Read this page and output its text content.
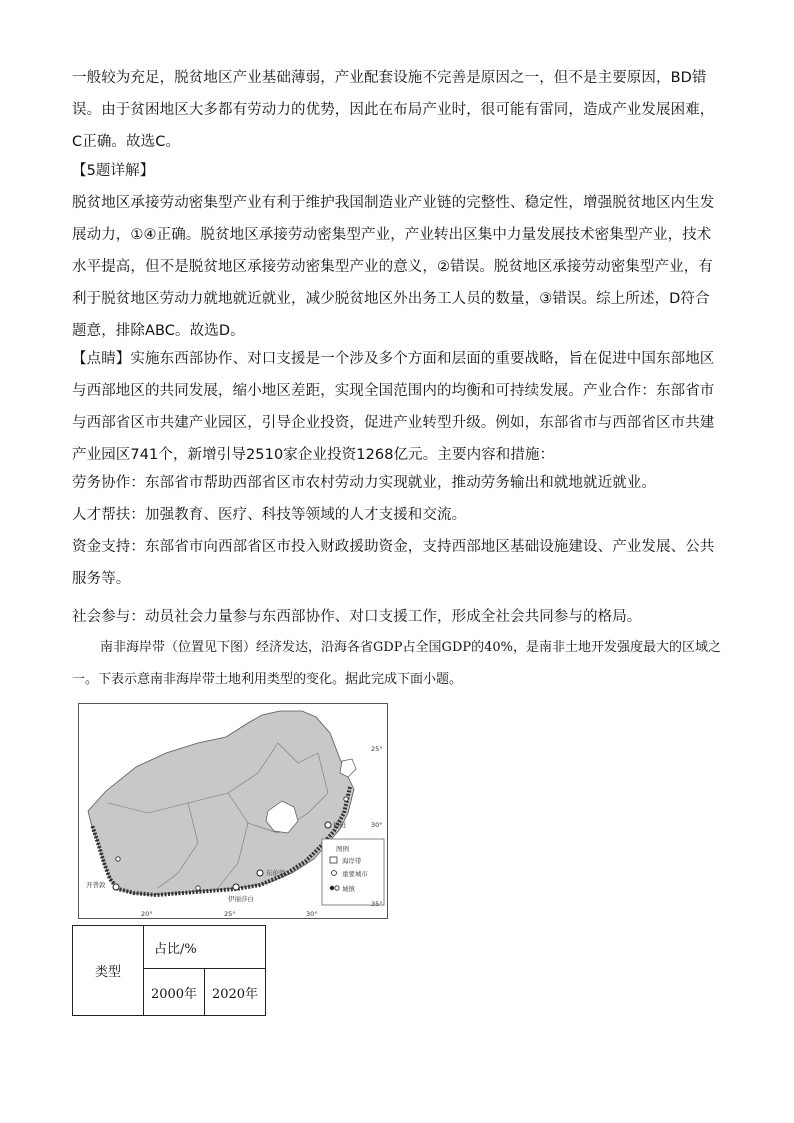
一般较为充足，脱贫地区产业基础薄弱，产业配套设施不完善是原因之一，但不是主要原因，BD错误。由于贫困地区大多都有劳动力的优势，因此在布局产业时，很可能有雷同，造成产业发展困难，C正确。故选C。

【5题详解】

脱贫地区承接劳动密集型产业有利于维护我国制造业产业链的完整性、稳定性，增强脱贫地区内生发展动力，①④正确。脱贫地区承接劳动密集型产业，产业转出区集中力量发展技术密集型产业，技术水平提高，但不是脱贫地区承接劳动密集型产业的意义，②错误。脱贫地区承接劳动密集型产业，有利于脱贫地区劳动力就地就近就业，减少脱贫地区外出务工人员的数量，③错误。综上所述，D符合题意，排除ABC。故选D。

【点睛】实施东西部协作、对口支援是一个涉及多个方面和层面的重要战略，旨在促进中国东部地区与西部地区的共同发展，缩小地区差距，实现全国范围内的均衡和可持续发展。产业合作：东部省市与西部省区市共建产业园区，引导企业投资，促进产业转型升级。例如，东部省市与西部省区市共建产业园区741个，新增引导2510家企业投资1268亿元。主要内容和措施：

劳务协作：东部省市帮助西部省区市农村劳动力实现就业，推动劳务输出和就地就近就业。

人才帮扶：加强教育、医疗、科技等领域的人才支援和交流。

资金支持：东部省市向西部省区市投入财政援助资金，支持西部地区基础设施建设、产业发展、公共服务等。

社会参与：动员社会力量参与东西部协作、对口支援工作，形成全社会共同参与的格局。

南非海岸带（位置见下图）经济发达，沿海各省GDP占全国GDP的40%，是南非土地开发强度最大的区域之一。下表示意南非海岸带土地利用类型的变化。据此完成下面小题。

德班
东伦敦
伊丽莎白
开普敦
图例
海岸带
重要城市
城镇
20°	25°	30°
25°
30°
35°
类型	占比/%	
	2000年	2020年
